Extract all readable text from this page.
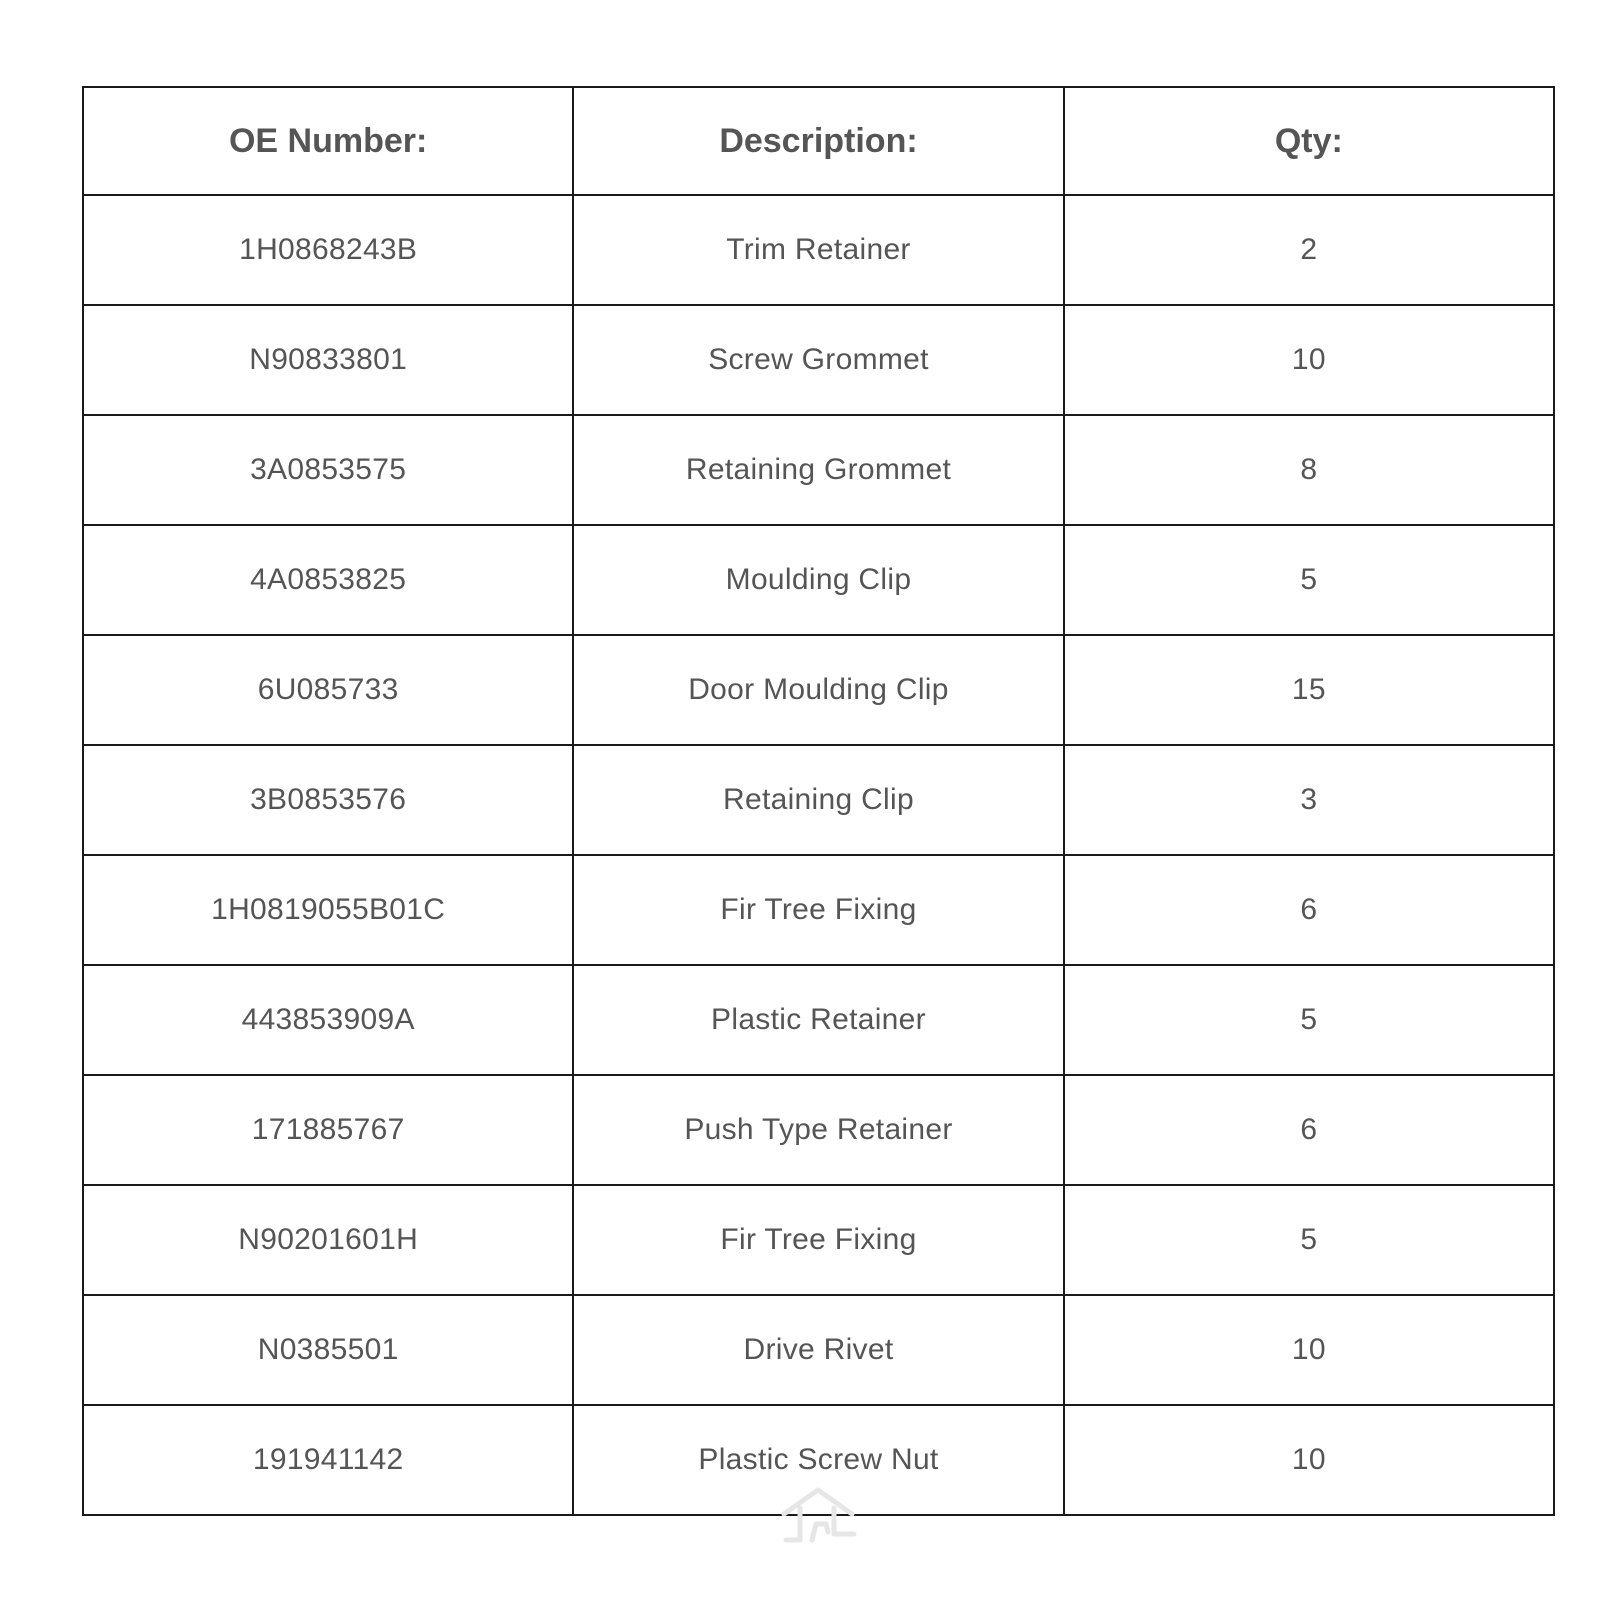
OE Number:	Description:	Qty:
1H0868243B	Trim Retainer	2
N90833801	Screw Grommet	10
3A0853575	Retaining Grommet	8
4A0853825	Moulding Clip	5
6U085733	Door Moulding Clip	15
3B0853576	Retaining Clip	3
1H0819055B01C	Fir Tree Fixing	6
443853909A	Plastic Retainer	5
171885767	Push Type Retainer	6
N90201601H	Fir Tree Fixing	5
N0385501	Drive Rivet	10
191941142	Plastic Screw Nut	10
